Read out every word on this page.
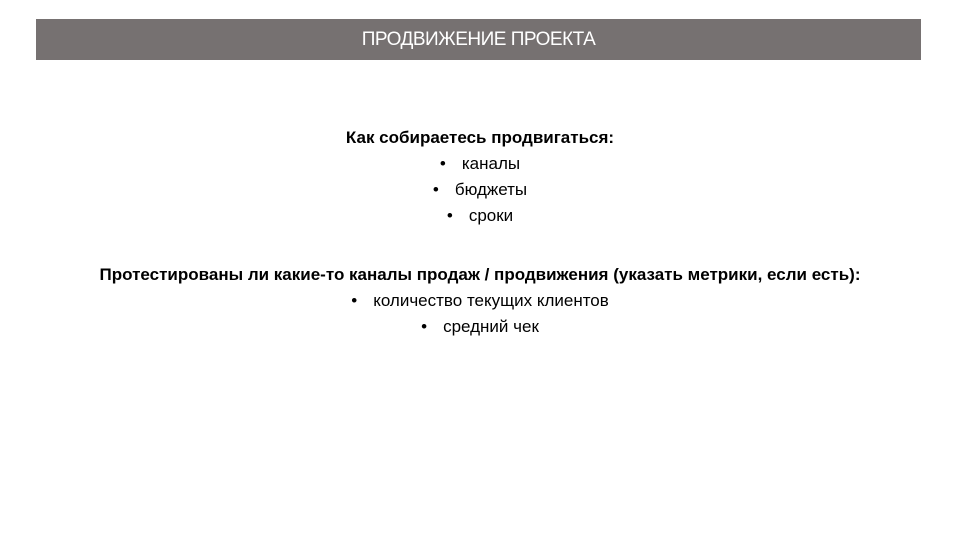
ПРОДВИЖЕНИЕ ПРОЕКТА
Как собираетесь продвигаться:
• каналы
• бюджеты
• сроки
Протестированы ли какие-то каналы продаж / продвижения (указать метрики, если есть):
• количество текущих клиентов
• средний чек
